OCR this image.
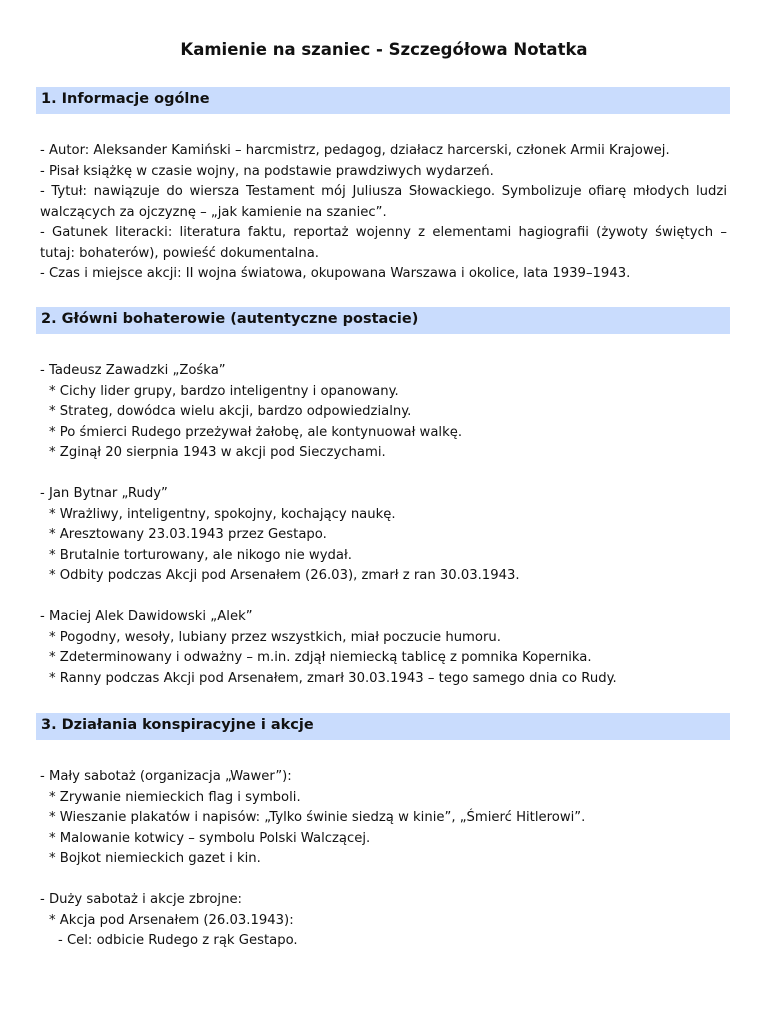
Kamienie na szaniec - Szczegółowa Notatka
1. Informacje ogólne

- Autor: Aleksander Kamiński – harcmistrz, pedagog, działacz harcerski, członek Armii Krajowej.

- Pisał książkę w czasie wojny, na podstawie prawdziwych wydarzeń.

- Tytuł: nawiązuje do wiersza Testament mój Juliusza Słowackiego. Symbolizuje ofiarę młodych ludzi walczących za ojczyznę – „jak kamienie na szaniec”.

- Gatunek literacki: literatura faktu, reportaż wojenny z elementami hagiografii (żywoty świętych – tutaj: bohaterów), powieść dokumentalna.

- Czas i miejsce akcji: II wojna światowa, okupowana Warszawa i okolice, lata 1939–1943.

2. Główni bohaterowie (autentyczne postacie)
- Tadeusz Zawadzki „Zośka”
* Cichy lider grupy, bardzo inteligentny i opanowany.
* Strateg, dowódca wielu akcji, bardzo odpowiedzialny.
* Po śmierci Rudego przeżywał żałobę, ale kontynuował walkę.
* Zginął 20 sierpnia 1943 w akcji pod Sieczychami.
- Jan Bytnar „Rudy”
* Wrażliwy, inteligentny, spokojny, kochający naukę.
* Aresztowany 23.03.1943 przez Gestapo.
* Brutalnie torturowany, ale nikogo nie wydał.
* Odbity podczas Akcji pod Arsenałem (26.03), zmarł z ran 30.03.1943.
- Maciej Alek Dawidowski „Alek”
* Pogodny, wesoły, lubiany przez wszystkich, miał poczucie humoru.
* Zdeterminowany i odważny – m.in. zdjął niemiecką tablicę z pomnika Kopernika.
* Ranny podczas Akcji pod Arsenałem, zmarł 30.03.1943 – tego samego dnia co Rudy.
3. Działania konspiracyjne i akcje
- Mały sabotaż (organizacja „Wawer”):
* Zrywanie niemieckich flag i symboli.
* Wieszanie plakatów i napisów: „Tylko świnie siedzą w kinie”, „Śmierć Hitlerowi”.
* Malowanie kotwicy – symbolu Polski Walczącej.
* Bojkot niemieckich gazet i kin.
- Duży sabotaż i akcje zbrojne:
* Akcja pod Arsenałem (26.03.1943):
- Cel: odbicie Rudego z rąk Gestapo.
